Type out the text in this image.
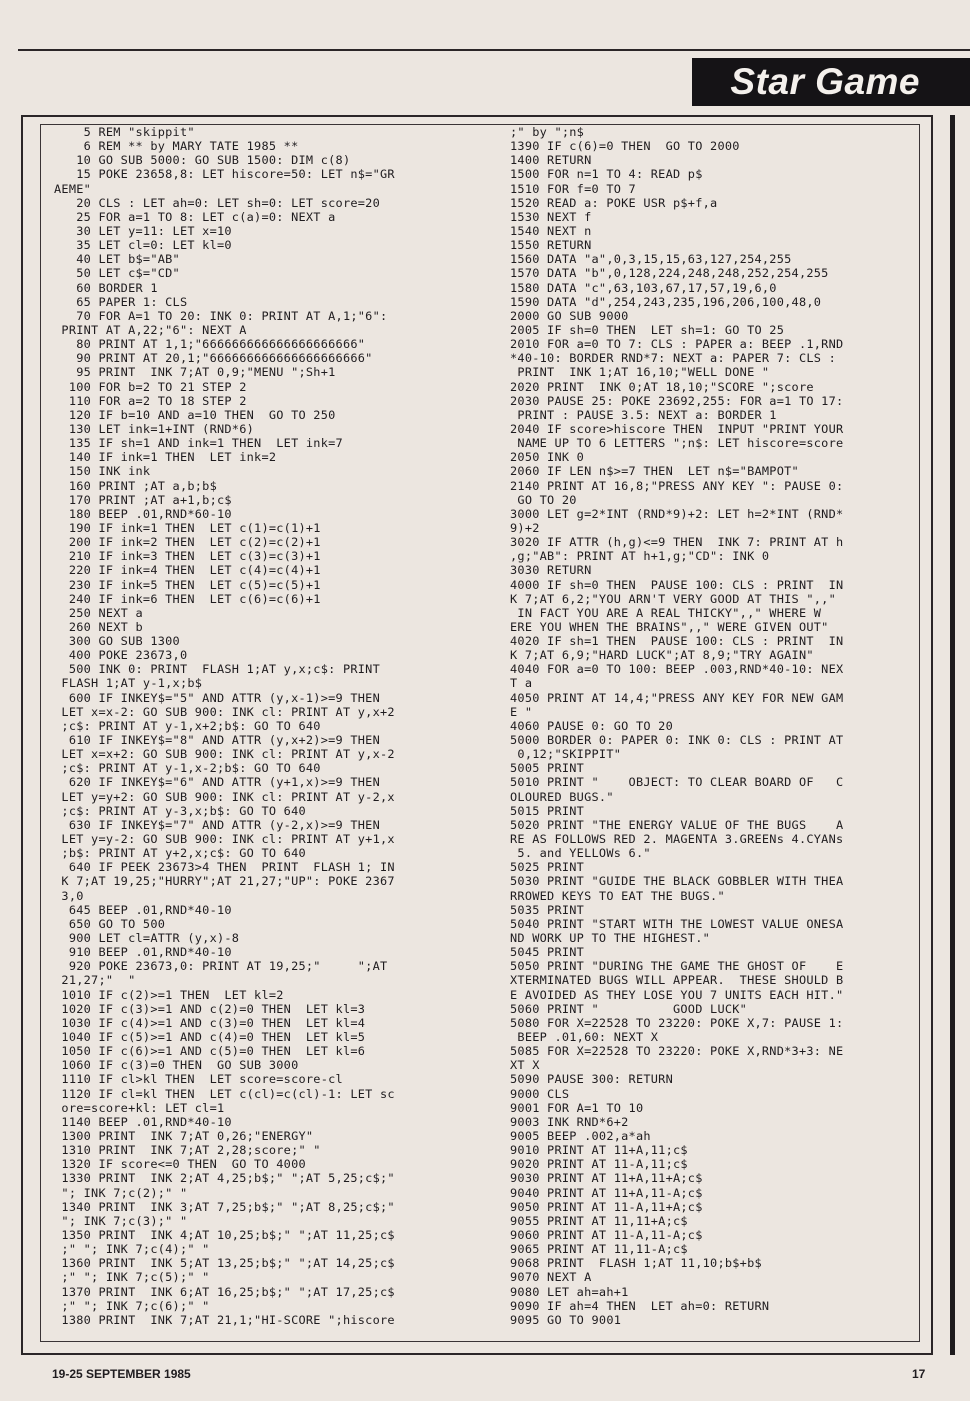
Star Game
5 REM "skippit"
6 REM ** by MARY TATE 1985 **
10 GO SUB 5000: GO SUB 1500: DIM c(8)
15 POKE 23658,8: LET hiscore=50: LET n$="GR
AEME"
20 CLS : LET ah=0: LET sh=0: LET score=20
25 FOR a=1 TO 8: LET c(a)=0: NEXT a
30 LET y=11: LET x=10
35 LET cl=0: LET kl=0
40 LET b$="AB"
50 LET c$="CD"
60 BORDER 1
65 PAPER 1: CLS
70 FOR A=1 TO 20: INK 0: PRINT AT A,1;"6":
PRINT AT A,22;"6": NEXT A
80 PRINT AT 1,1;"666666666666666666666"
90 PRINT AT 20,1;"666666666666666666666"
95 PRINT  INK 7;AT 0,9;"MENU ";Sh+1
100 FOR b=2 TO 21 STEP 2
110 FOR a=2 TO 18 STEP 2
120 IF b=10 AND a=10 THEN  GO TO 250
130 LET ink=1+INT (RND*6)
135 IF sh=1 AND ink=1 THEN  LET ink=7
140 IF ink=1 THEN  LET ink=2
150 INK ink
160 PRINT ;AT a,b;b$
170 PRINT ;AT a+1,b;c$
180 BEEP .01,RND*60-10
190 IF ink=1 THEN  LET c(1)=c(1)+1
200 IF ink=2 THEN  LET c(2)=c(2)+1
210 IF ink=3 THEN  LET c(3)=c(3)+1
220 IF ink=4 THEN  LET c(4)=c(4)+1
230 IF ink=5 THEN  LET c(5)=c(5)+1
240 IF ink=6 THEN  LET c(6)=c(6)+1
250 NEXT a
260 NEXT b
300 GO SUB 1300
400 POKE 23673,0
500 INK 0: PRINT  FLASH 1;AT y,x;c$: PRINT
FLASH 1;AT y-1,x;b$
600 IF INKEY$="5" AND ATTR (y,x-1)>=9 THEN
LET x=x-2: GO SUB 900: INK cl: PRINT AT y,x+2
;c$: PRINT AT y-1,x+2;b$: GO TO 640
610 IF INKEY$="8" AND ATTR (y,x+2)>=9 THEN
LET x=x+2: GO SUB 900: INK cl: PRINT AT y,x-2
;c$: PRINT AT y-1,x-2;b$: GO TO 640
620 IF INKEY$="6" AND ATTR (y+1,x)>=9 THEN
LET y=y+2: GO SUB 900: INK cl: PRINT AT y-2,x
;c$: PRINT AT y-3,x;b$: GO TO 640
630 IF INKEY$="7" AND ATTR (y-2,x)>=9 THEN
LET y=y-2: GO SUB 900: INK cl: PRINT AT y+1,x
;b$: PRINT AT y+2,x;c$: GO TO 640
640 IF PEEK 23673>4 THEN  PRINT  FLASH 1; IN
K 7;AT 19,25;"HURRY";AT 21,27;"UP": POKE 2367
3,0
645 BEEP .01,RND*40-10
650 GO TO 500
900 LET cl=ATTR (y,x)-8
910 BEEP .01,RND*40-10
920 POKE 23673,0: PRINT AT 19,25;"     ";AT
21,27;"  "
1010 IF c(2)>=1 THEN  LET kl=2
1020 IF c(3)>=1 AND c(2)=0 THEN  LET kl=3
1030 IF c(4)>=1 AND c(3)=0 THEN  LET kl=4
1040 IF c(5)>=1 AND c(4)=0 THEN  LET kl=5
1050 IF c(6)>=1 AND c(5)=0 THEN  LET kl=6
1060 IF c(3)=0 THEN  GO SUB 3000
1110 IF cl>kl THEN  LET score=score-cl
1120 IF cl=kl THEN  LET c(cl)=c(cl)-1: LET sc
ore=score+kl: LET cl=1
1140 BEEP .01,RND*40-10
1300 PRINT  INK 7;AT 0,26;"ENERGY"
1310 PRINT  INK 7;AT 2,28;score;" "
1320 IF score<=0 THEN  GO TO 4000
1330 PRINT  INK 2;AT 4,25;b$;" ";AT 5,25;c$;"
"; INK 7;c(2);" "
1340 PRINT  INK 3;AT 7,25;b$;" ";AT 8,25;c$;"
"; INK 7;c(3);" "
1350 PRINT  INK 4;AT 10,25;b$;" ";AT 11,25;c$
;" "; INK 7;c(4);" "
1360 PRINT  INK 5;AT 13,25;b$;" ";AT 14,25;c$
;" "; INK 7;c(5);" "
1370 PRINT  INK 6;AT 16,25;b$;" ";AT 17,25;c$
;" "; INK 7;c(6);" "
1380 PRINT  INK 7;AT 21,1;"HI-SCORE ";hiscore
;" by ";n$
1390 IF c(6)=0 THEN  GO TO 2000
1400 RETURN
1500 FOR n=1 TO 4: READ p$
1510 FOR f=0 TO 7
1520 READ a: POKE USR p$+f,a
1530 NEXT f
1540 NEXT n
1550 RETURN
1560 DATA "a",0,3,15,15,63,127,254,255
1570 DATA "b",0,128,224,248,248,252,254,255
1580 DATA "c",63,103,67,17,57,19,6,0
1590 DATA "d",254,243,235,196,206,100,48,0
2000 GO SUB 9000
2005 IF sh=0 THEN  LET sh=1: GO TO 25
2010 FOR a=0 TO 7: CLS : PAPER a: BEEP .1,RND
*40-10: BORDER RND*7: NEXT a: PAPER 7: CLS :
PRINT  INK 1;AT 16,10;"WELL DONE "
2020 PRINT  INK 0;AT 18,10;"SCORE ";score
2030 PAUSE 25: POKE 23692,255: FOR a=1 TO 17:
PRINT : PAUSE 3.5: NEXT a: BORDER 1
2040 IF score>hiscore THEN  INPUT "PRINT YOUR
NAME UP TO 6 LETTERS ";n$: LET hiscore=score
2050 INK 0
2060 IF LEN n$>=7 THEN  LET n$="BAMPOT"
2140 PRINT AT 16,8;"PRESS ANY KEY ": PAUSE 0:
GO TO 20
3000 LET g=2*INT (RND*9)+2: LET h=2*INT (RND*
9)+2
3020 IF ATTR (h,g)<=9 THEN  INK 7: PRINT AT h
,g;"AB": PRINT AT h+1,g;"CD": INK 0
3030 RETURN
4000 IF sh=0 THEN  PAUSE 100: CLS : PRINT  IN
K 7;AT 6,2;"YOU ARN'T VERY GOOD AT THIS ",,"
IN FACT YOU ARE A REAL THICKY",," WHERE W
ERE YOU WHEN THE BRAINS",," WERE GIVEN OUT"
4020 IF sh=1 THEN  PAUSE 100: CLS : PRINT  IN
K 7;AT 6,9;"HARD LUCK";AT 8,9;"TRY AGAIN"
4040 FOR a=0 TO 100: BEEP .003,RND*40-10: NEX
T a
4050 PRINT AT 14,4;"PRESS ANY KEY FOR NEW GAM
E "
4060 PAUSE 0: GO TO 20
5000 BORDER 0: PAPER 0: INK 0: CLS : PRINT AT
0,12;"SKIPPIT"
5005 PRINT
5010 PRINT "    OBJECT: TO CLEAR BOARD OF   C
OLOURED BUGS."
5015 PRINT
5020 PRINT "THE ENERGY VALUE OF THE BUGS    A
RE AS FOLLOWS RED 2. MAGENTA 3.GREENs 4.CYANs
5. and YELLOWs 6."
5025 PRINT
5030 PRINT "GUIDE THE BLACK GOBBLER WITH THEA
RROWED KEYS TO EAT THE BUGS."
5035 PRINT
5040 PRINT "START WITH THE LOWEST VALUE ONESA
ND WORK UP TO THE HIGHEST."
5045 PRINT
5050 PRINT "DURING THE GAME THE GHOST OF    E
XTERMINATED BUGS WILL APPEAR.  THESE SHOULD B
E AVOIDED AS THEY LOSE YOU 7 UNITS EACH HIT."
5060 PRINT "          GOOD LUCK"
5080 FOR X=22528 TO 23220: POKE X,7: PAUSE 1:
BEEP .01,60: NEXT X
5085 FOR X=22528 TO 23220: POKE X,RND*3+3: NE
XT X
5090 PAUSE 300: RETURN
9000 CLS
9001 FOR A=1 TO 10
9003 INK RND*6+2
9005 BEEP .002,a*ah
9010 PRINT AT 11+A,11;c$
9020 PRINT AT 11-A,11;c$
9030 PRINT AT 11+A,11+A;c$
9040 PRINT AT 11+A,11-A;c$
9050 PRINT AT 11-A,11+A;c$
9055 PRINT AT 11,11+A;c$
9060 PRINT AT 11-A,11-A;c$
9065 PRINT AT 11,11-A;c$
9068 PRINT  FLASH 1;AT 11,10;b$+b$
9070 NEXT A
9080 LET ah=ah+1
9090 IF ah=4 THEN  LET ah=0: RETURN
9095 GO TO 9001
19-25 SEPTEMBER 1985	17
